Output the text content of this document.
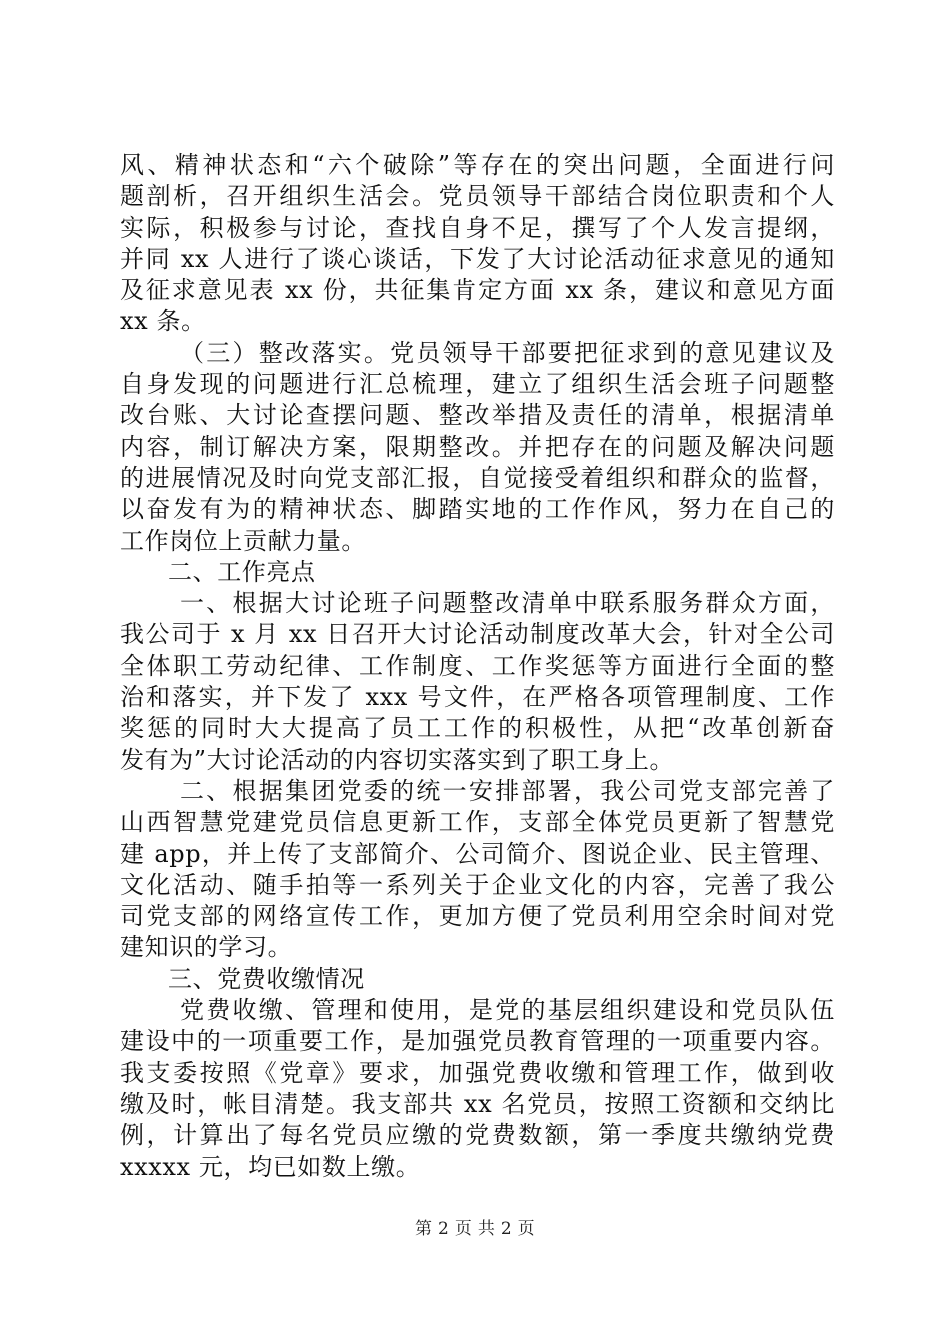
风、精神状态和“六个破除”等存在的突出问题，全面进行问
题剖析，召开组织生活会。党员领导干部结合岗位职责和个人
实际，积极参与讨论，查找自身不足，撰写了个人发言提纲，
并同 xx 人进行了谈心谈话，下发了大讨论活动征求意见的通知
及征求意见表 xx 份，共征集肯定方面 xx 条，建议和意见方面
xx 条。
（三）整改落实。党员领导干部要把征求到的意见建议及
自身发现的问题进行汇总梳理，建立了组织生活会班子问题整
改台账、大讨论查摆问题、整改举措及责任的清单，根据清单
内容，制订解决方案，限期整改。并把存在的问题及解决问题
的进展情况及时向党支部汇报，自觉接受着组织和群众的监督，
以奋发有为的精神状态、脚踏实地的工作作风，努力在自己的
工作岗位上贡献力量。
二、工作亮点
一、根据大讨论班子问题整改清单中联系服务群众方面，
我公司于 x 月 xx 日召开大讨论活动制度改革大会，针对全公司
全体职工劳动纪律、工作制度、工作奖惩等方面进行全面的整
治和落实，并下发了 xxx 号文件，在严格各项管理制度、工作
奖惩的同时大大提高了员工工作的积极性，从把“改革创新奋
发有为”大讨论活动的内容切实落实到了职工身上。
二、根据集团党委的统一安排部署，我公司党支部完善了
山西智慧党建党员信息更新工作，支部全体党员更新了智慧党
建 app，并上传了支部简介、公司简介、图说企业、民主管理、
文化活动、随手拍等一系列关于企业文化的内容，完善了我公
司党支部的网络宣传工作，更加方便了党员利用空余时间对党
建知识的学习。
三、党费收缴情况
党费收缴、管理和使用，是党的基层组织建设和党员队伍
建设中的一项重要工作，是加强党员教育管理的一项重要内容。
我支委按照《党章》要求，加强党费收缴和管理工作，做到收
缴及时，帐目清楚。我支部共 xx 名党员，按照工资额和交纳比
例，计算出了每名党员应缴的党费数额，第一季度共缴纳党费
xxxxx 元，均已如数上缴。
第 2 页 共 2 页
